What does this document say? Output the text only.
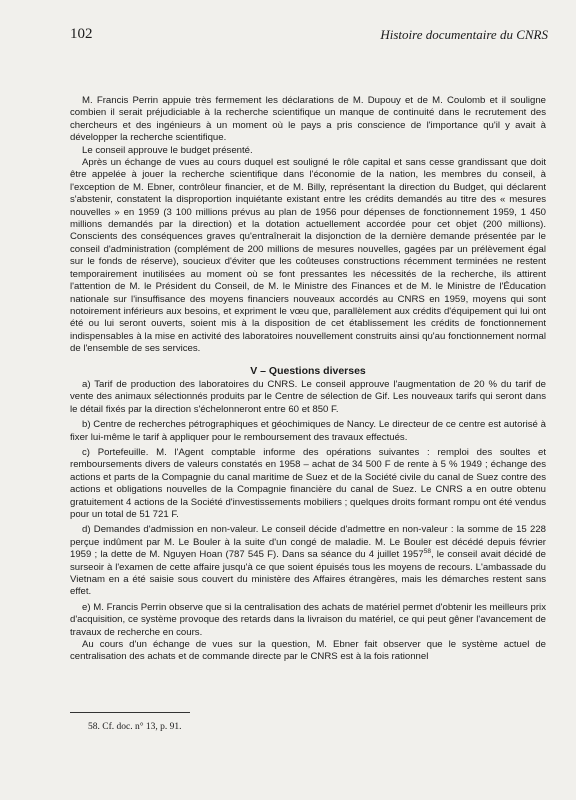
102	Histoire documentaire du CNRS

M. Francis Perrin appuie très fermement les déclarations de M. Dupouy et de M. Coulomb et il souligne combien il serait préjudiciable à la recherche scientifique un manque de continuité dans le recrutement des chercheurs et des ingénieurs à un moment où le pays a pris conscience de l'importance qu'il y avait à développer la recherche scientifique.

Le conseil approuve le budget présenté.

Après un échange de vues au cours duquel est souligné le rôle capital et sans cesse grandissant que doit être appelée à jouer la recherche scientifique dans l'économie de la nation, les membres du conseil, à l'exception de M. Ebner, contrôleur financier, et de M. Billy, représentant la direction du Budget, qui déclarent s'abstenir, constatent la disproportion inquiétante existant entre les crédits demandés au titre des « mesures nouvelles » en 1959 (3 100 millions prévus au plan de 1956 pour dépenses de fonctionnement 1959, 1 450 millions demandés par la direction) et la dotation actuellement accordée pour cet objet (200 millions). Conscients des conséquences graves qu'entraînerait la disjonction de la dernière demande présentée par le conseil d'administration (complément de 200 millions de mesures nouvelles, gagées par un prélèvement égal sur le fonds de réserve), soucieux d'éviter que les coûteuses constructions récemment terminées ne restent temporairement inutilisées au moment où se font pressantes les nécessités de la recherche, ils attirent l'attention de M. le Président du Conseil, de M. le Ministre des Finances et de M. le Ministre de l'Éducation nationale sur l'insuffisance des moyens financiers nouveaux accordés au CNRS en 1959, moyens qui sont notoirement inférieurs aux besoins, et expriment le vœu que, parallèlement aux crédits d'équipement qui lui ont été ou lui seront ouverts, soient mis à la disposition de cet établissement les crédits de fonctionnement indispensables à la mise en activité des laboratoires nouvellement construits ainsi qu'au fonctionnement normal de l'ensemble de ses services.

V – Questions diverses

a) Tarif de production des laboratoires du CNRS. Le conseil approuve l'augmentation de 20 % du tarif de vente des animaux sélectionnés produits par le Centre de sélection de Gif. Les nouveaux tarifs qui seront dans le détail fixés par la direction s'échelonneront entre 60 et 850 F.

b) Centre de recherches pétrographiques et géochimiques de Nancy. Le directeur de ce centre est autorisé à fixer lui-même le tarif à appliquer pour le remboursement des travaux effectués.

c) Portefeuille. M. l'Agent comptable informe des opérations suivantes : remploi des soultes et remboursements divers de valeurs constatés en 1958 – achat de 34 500 F de rente à 5 % 1949 ; échange des actions et parts de la Compagnie du canal maritime de Suez et de la Société civile du canal de Suez contre des actions et obligations nouvelles de la Compagnie financière du canal de Suez. Le CNRS a en outre obtenu gratuitement 4 actions de la Société d'investissements mobiliers ; quelques droits formant rompu ont été vendus pour un total de 51 721 F.

d) Demandes d'admission en non-valeur. Le conseil décide d'admettre en non-valeur : la somme de 15 228 perçue indûment par M. Le Bouler à la suite d'un congé de maladie. M. Le Bouler est décédé depuis février 1959 ; la dette de M. Nguyen Hoan (787 545 F). Dans sa séance du 4 juillet 1957$^{58}$, le conseil avait décidé de surseoir à l'examen de cette affaire jusqu'à ce que soient épuisés tous les moyens de recours. L'ambassade du Vietnam en a été saisie sous couvert du ministère des Affaires étrangères, mais les démarches restent sans effet.

e) M. Francis Perrin observe que si la centralisation des achats de matériel permet d'obtenir les meilleurs prix d'acquisition, ce système provoque des retards dans la livraison du matériel, ce qui peut gêner l'avancement de travaux de recherche en cours.

Au cours d'un échange de vues sur la question, M. Ebner fait observer que le système actuel de centralisation des achats et de commande directe par le CNRS est à la fois rationnel

58. Cf. doc. n° 13, p. 91.
